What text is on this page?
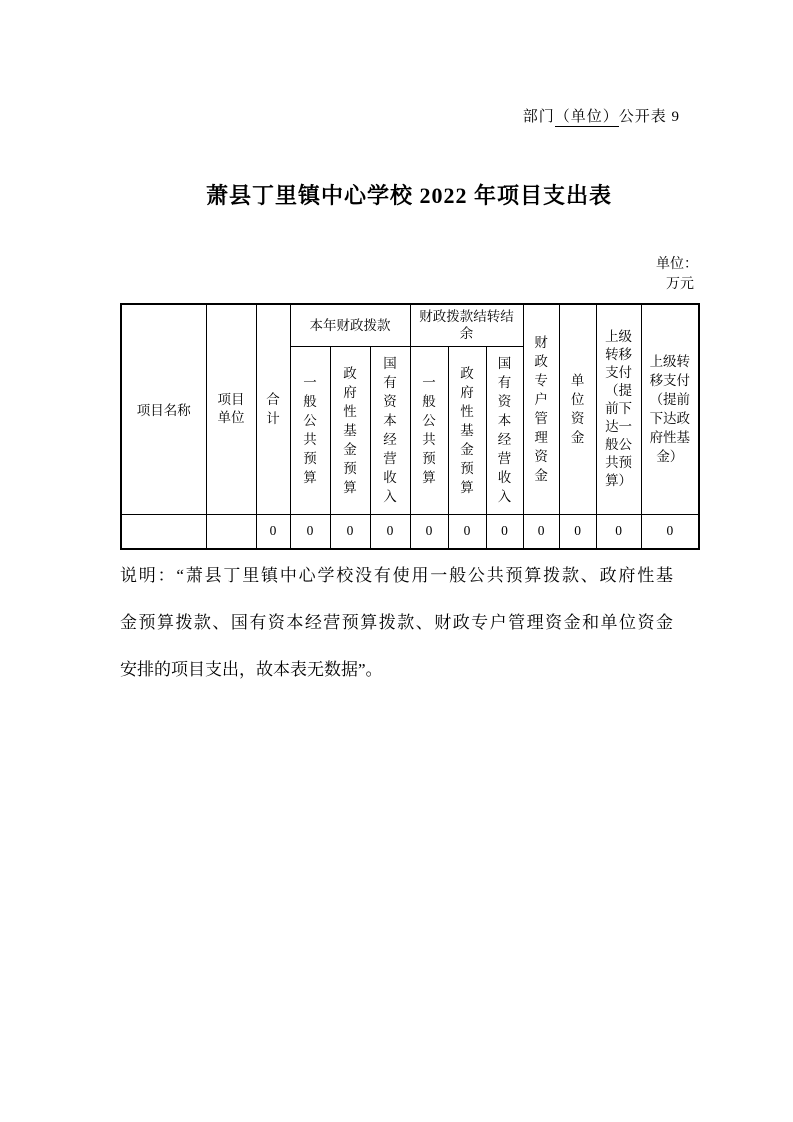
部门（单位）公开表 9
萧县丁里镇中心学校 2022 年项目支出表
单位：
万元
项目名称	项目单位	合计	本年财政拨款			财政拨款结转结余			财政专户管理资金	单位资金	上级转移支付（提前下达一般公共预算）	上级转移支付（提前下达政府性基金）
			一般公共预算	政府性基金预算	国有资本经营收入	一般公共预算	政府性基金预算	国有资本经营收入				
		0	0	0	0	0	0	0	0	0	0	0
说明：“萧县丁里镇中心学校没有使用一般公共预算拨款、政府性基
金预算拨款、国有资本经营预算拨款、财政专户管理资金和单位资金
安排的项目支出，故本表无数据”。
